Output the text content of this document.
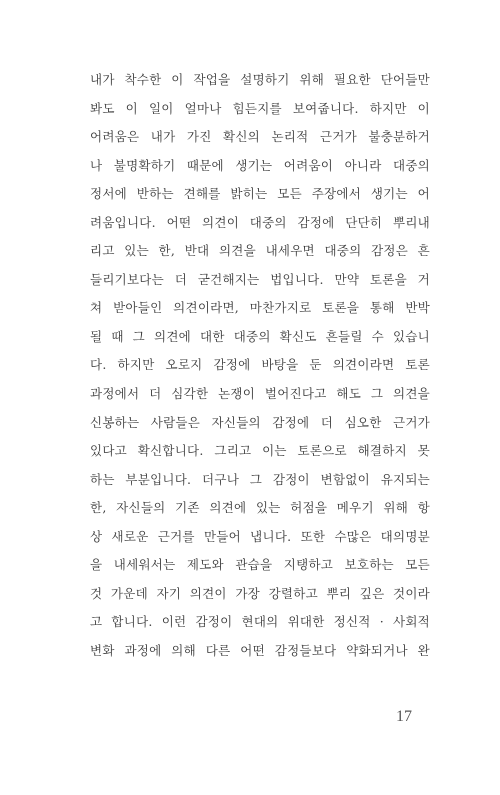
내가 착수한 이 작업을 설명하기 위해 필요한 단어들만
봐도 이 일이 얼마나 힘든지를 보여줍니다. 하지만 이
어려움은 내가 가진 확신의 논리적 근거가 불충분하거
나 불명확하기 때문에 생기는 어려움이 아니라 대중의
정서에 반하는 견해를 밝히는 모든 주장에서 생기는 어
려움입니다. 어떤 의견이 대중의 감정에 단단히 뿌리내
리고 있는 한, 반대 의견을 내세우면 대중의 감정은 흔
들리기보다는 더 굳건해지는 법입니다. 만약 토론을 거
쳐 받아들인 의견이라면, 마찬가지로 토론을 통해 반박
될 때 그 의견에 대한 대중의 확신도 흔들릴 수 있습니
다. 하지만 오로지 감정에 바탕을 둔 의견이라면 토론
과정에서 더 심각한 논쟁이 벌어진다고 해도 그 의견을
신봉하는 사람들은 자신들의 감정에 더 심오한 근거가
있다고 확신합니다. 그리고 이는 토론으로 해결하지 못
하는 부분입니다. 더구나 그 감정이 변함없이 유지되는
한, 자신들의 기존 의견에 있는 허점을 메우기 위해 항
상 새로운 근거를 만들어 냅니다. 또한 수많은 대의명분
을 내세워서는 제도와 관습을 지탱하고 보호하는 모든
것 가운데 자기 의견이 가장 강렬하고 뿌리 깊은 것이라
고 합니다. 이런 감정이 현대의 위대한 정신적 · 사회적
변화 과정에 의해 다른 어떤 감정들보다 약화되거나 완
17
